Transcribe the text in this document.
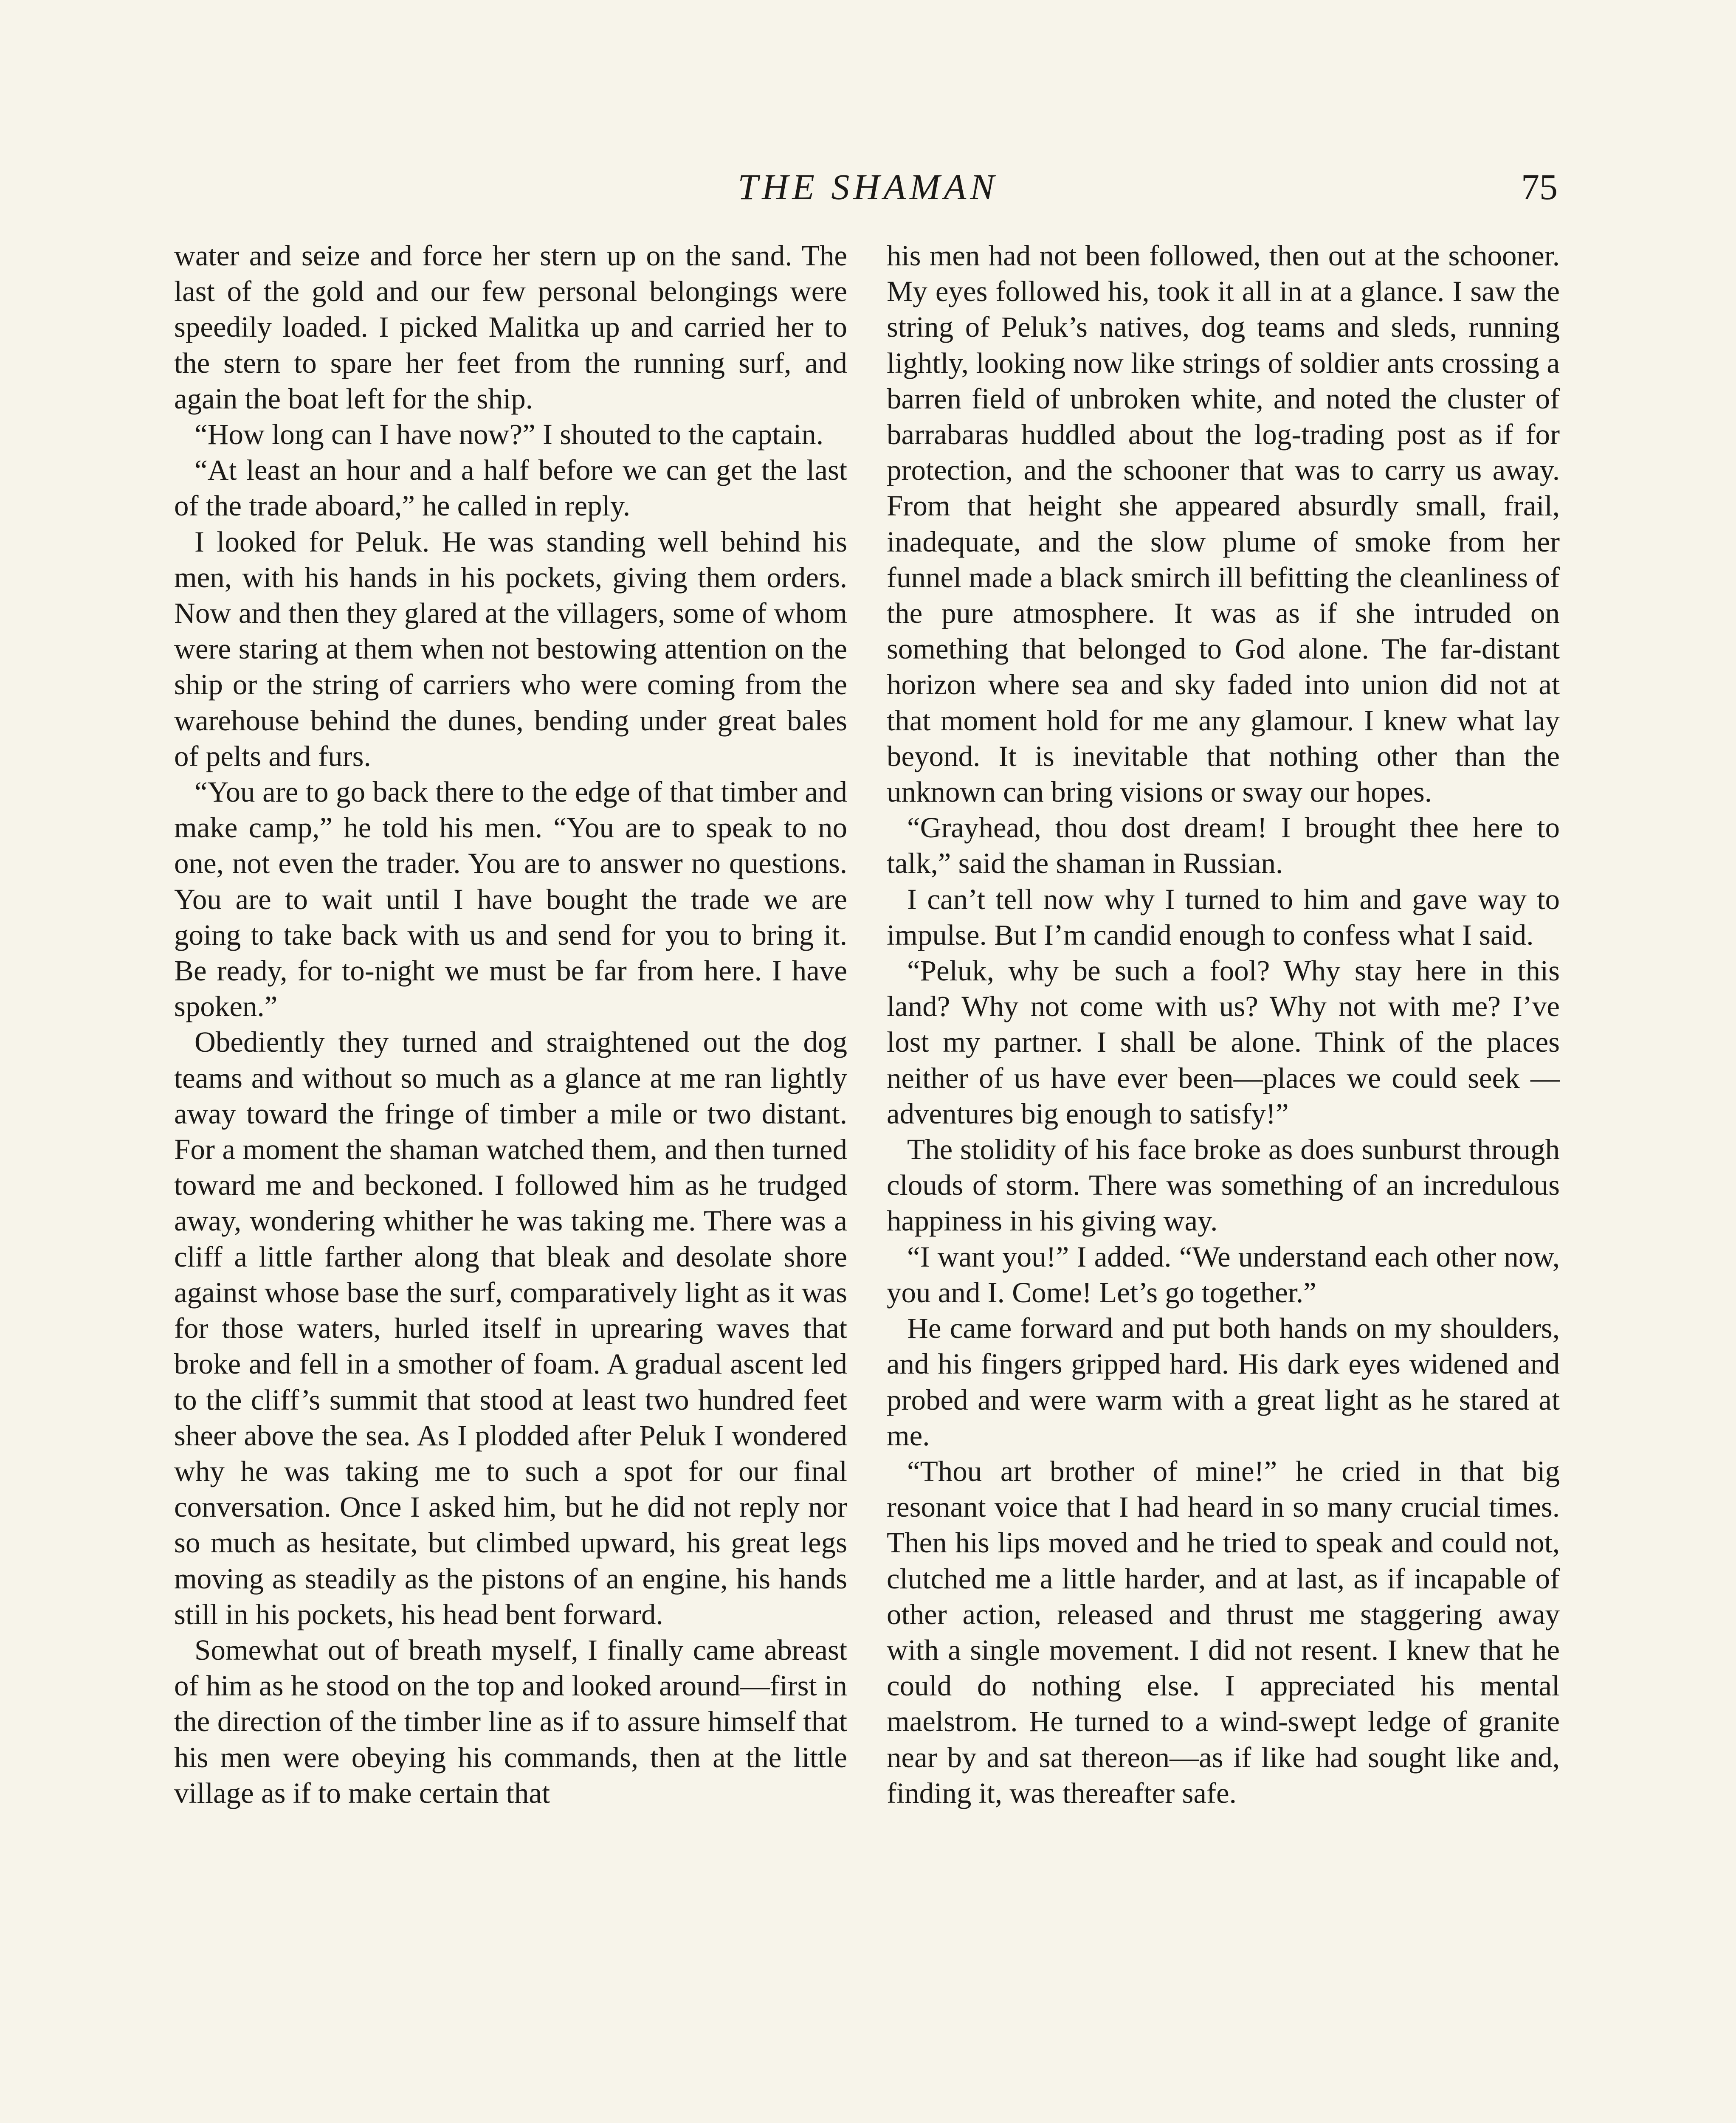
THE SHAMAN	75

water and seize and force her stern up on the sand. The last of the gold and our few personal belongings were speedily loaded. I picked Malitka up and carried her to the stern to spare her feet from the running surf, and again the boat left for the ship.

“How long can I have now?” I shouted to the captain.

“At least an hour and a half before we can get the last of the trade aboard,” he called in reply.

I looked for Peluk. He was standing well behind his men, with his hands in his pockets, giving them orders. Now and then they glared at the villagers, some of whom were staring at them when not bestowing attention on the ship or the string of carriers who were coming from the warehouse behind the dunes, bending under great bales of pelts and furs.

“You are to go back there to the edge of that timber and make camp,” he told his men. “You are to speak to no one, not even the trader. You are to answer no questions. You are to wait until I have bought the trade we are going to take back with us and send for you to bring it. Be ready, for to-night we must be far from here. I have spoken.”

Obediently they turned and straightened out the dog teams and without so much as a glance at me ran lightly away toward the fringe of timber a mile or two distant. For a moment the shaman watched them, and then turned toward me and beckoned. I followed him as he trudged away, wondering whither he was taking me. There was a cliff a little farther along that bleak and desolate shore against whose base the surf, comparatively light as it was for those waters, hurled itself in uprearing waves that broke and fell in a smother of foam. A gradual ascent led to the cliff’s summit that stood at least two hundred feet sheer above the sea. As I plodded after Peluk I wondered why he was taking me to such a spot for our final conversation. Once I asked him, but he did not reply nor so much as hesitate, but climbed upward, his great legs moving as steadily as the pistons of an engine, his hands still in his pockets, his head bent forward.

Somewhat out of breath myself, I finally came abreast of him as he stood on the top and looked around—first in the direction of the timber line as if to assure himself that his men were obeying his commands, then at the little village as if to make certain that

his men had not been followed, then out at the schooner. My eyes followed his, took it all in at a glance. I saw the string of Peluk’s natives, dog teams and sleds, running lightly, looking now like strings of soldier ants crossing a barren field of unbroken white, and noted the cluster of barrabaras huddled about the log-trading post as if for protection, and the schooner that was to carry us away. From that height she appeared absurdly small, frail, inadequate, and the slow plume of smoke from her funnel made a black smirch ill befitting the cleanliness of the pure atmosphere. It was as if she intruded on something that belonged to God alone. The far-distant horizon where sea and sky faded into union did not at that moment hold for me any glamour. I knew what lay beyond. It is inevitable that nothing other than the unknown can bring visions or sway our hopes.

“Grayhead, thou dost dream! I brought thee here to talk,” said the shaman in Russian.

I can’t tell now why I turned to him and gave way to impulse. But I’m candid enough to confess what I said.

“Peluk, why be such a fool? Why stay here in this land? Why not come with us? Why not with me? I’ve lost my partner. I shall be alone. Think of the places neither of us have ever been—places we could seek —adventures big enough to satisfy!”

The stolidity of his face broke as does sunburst through clouds of storm. There was something of an incredulous happiness in his giving way.

“I want you!” I added. “We understand each other now, you and I. Come! Let’s go together.”

He came forward and put both hands on my shoulders, and his fingers gripped hard. His dark eyes widened and probed and were warm with a great light as he stared at me.

“Thou art brother of mine!” he cried in that big resonant voice that I had heard in so many crucial times. Then his lips moved and he tried to speak and could not, clutched me a little harder, and at last, as if incapable of other action, released and thrust me staggering away with a single movement. I did not resent. I knew that he could do nothing else. I appreciated his mental maelstrom. He turned to a wind-swept ledge of granite near by and sat thereon—as if like had sought like and, finding it, was thereafter safe.
